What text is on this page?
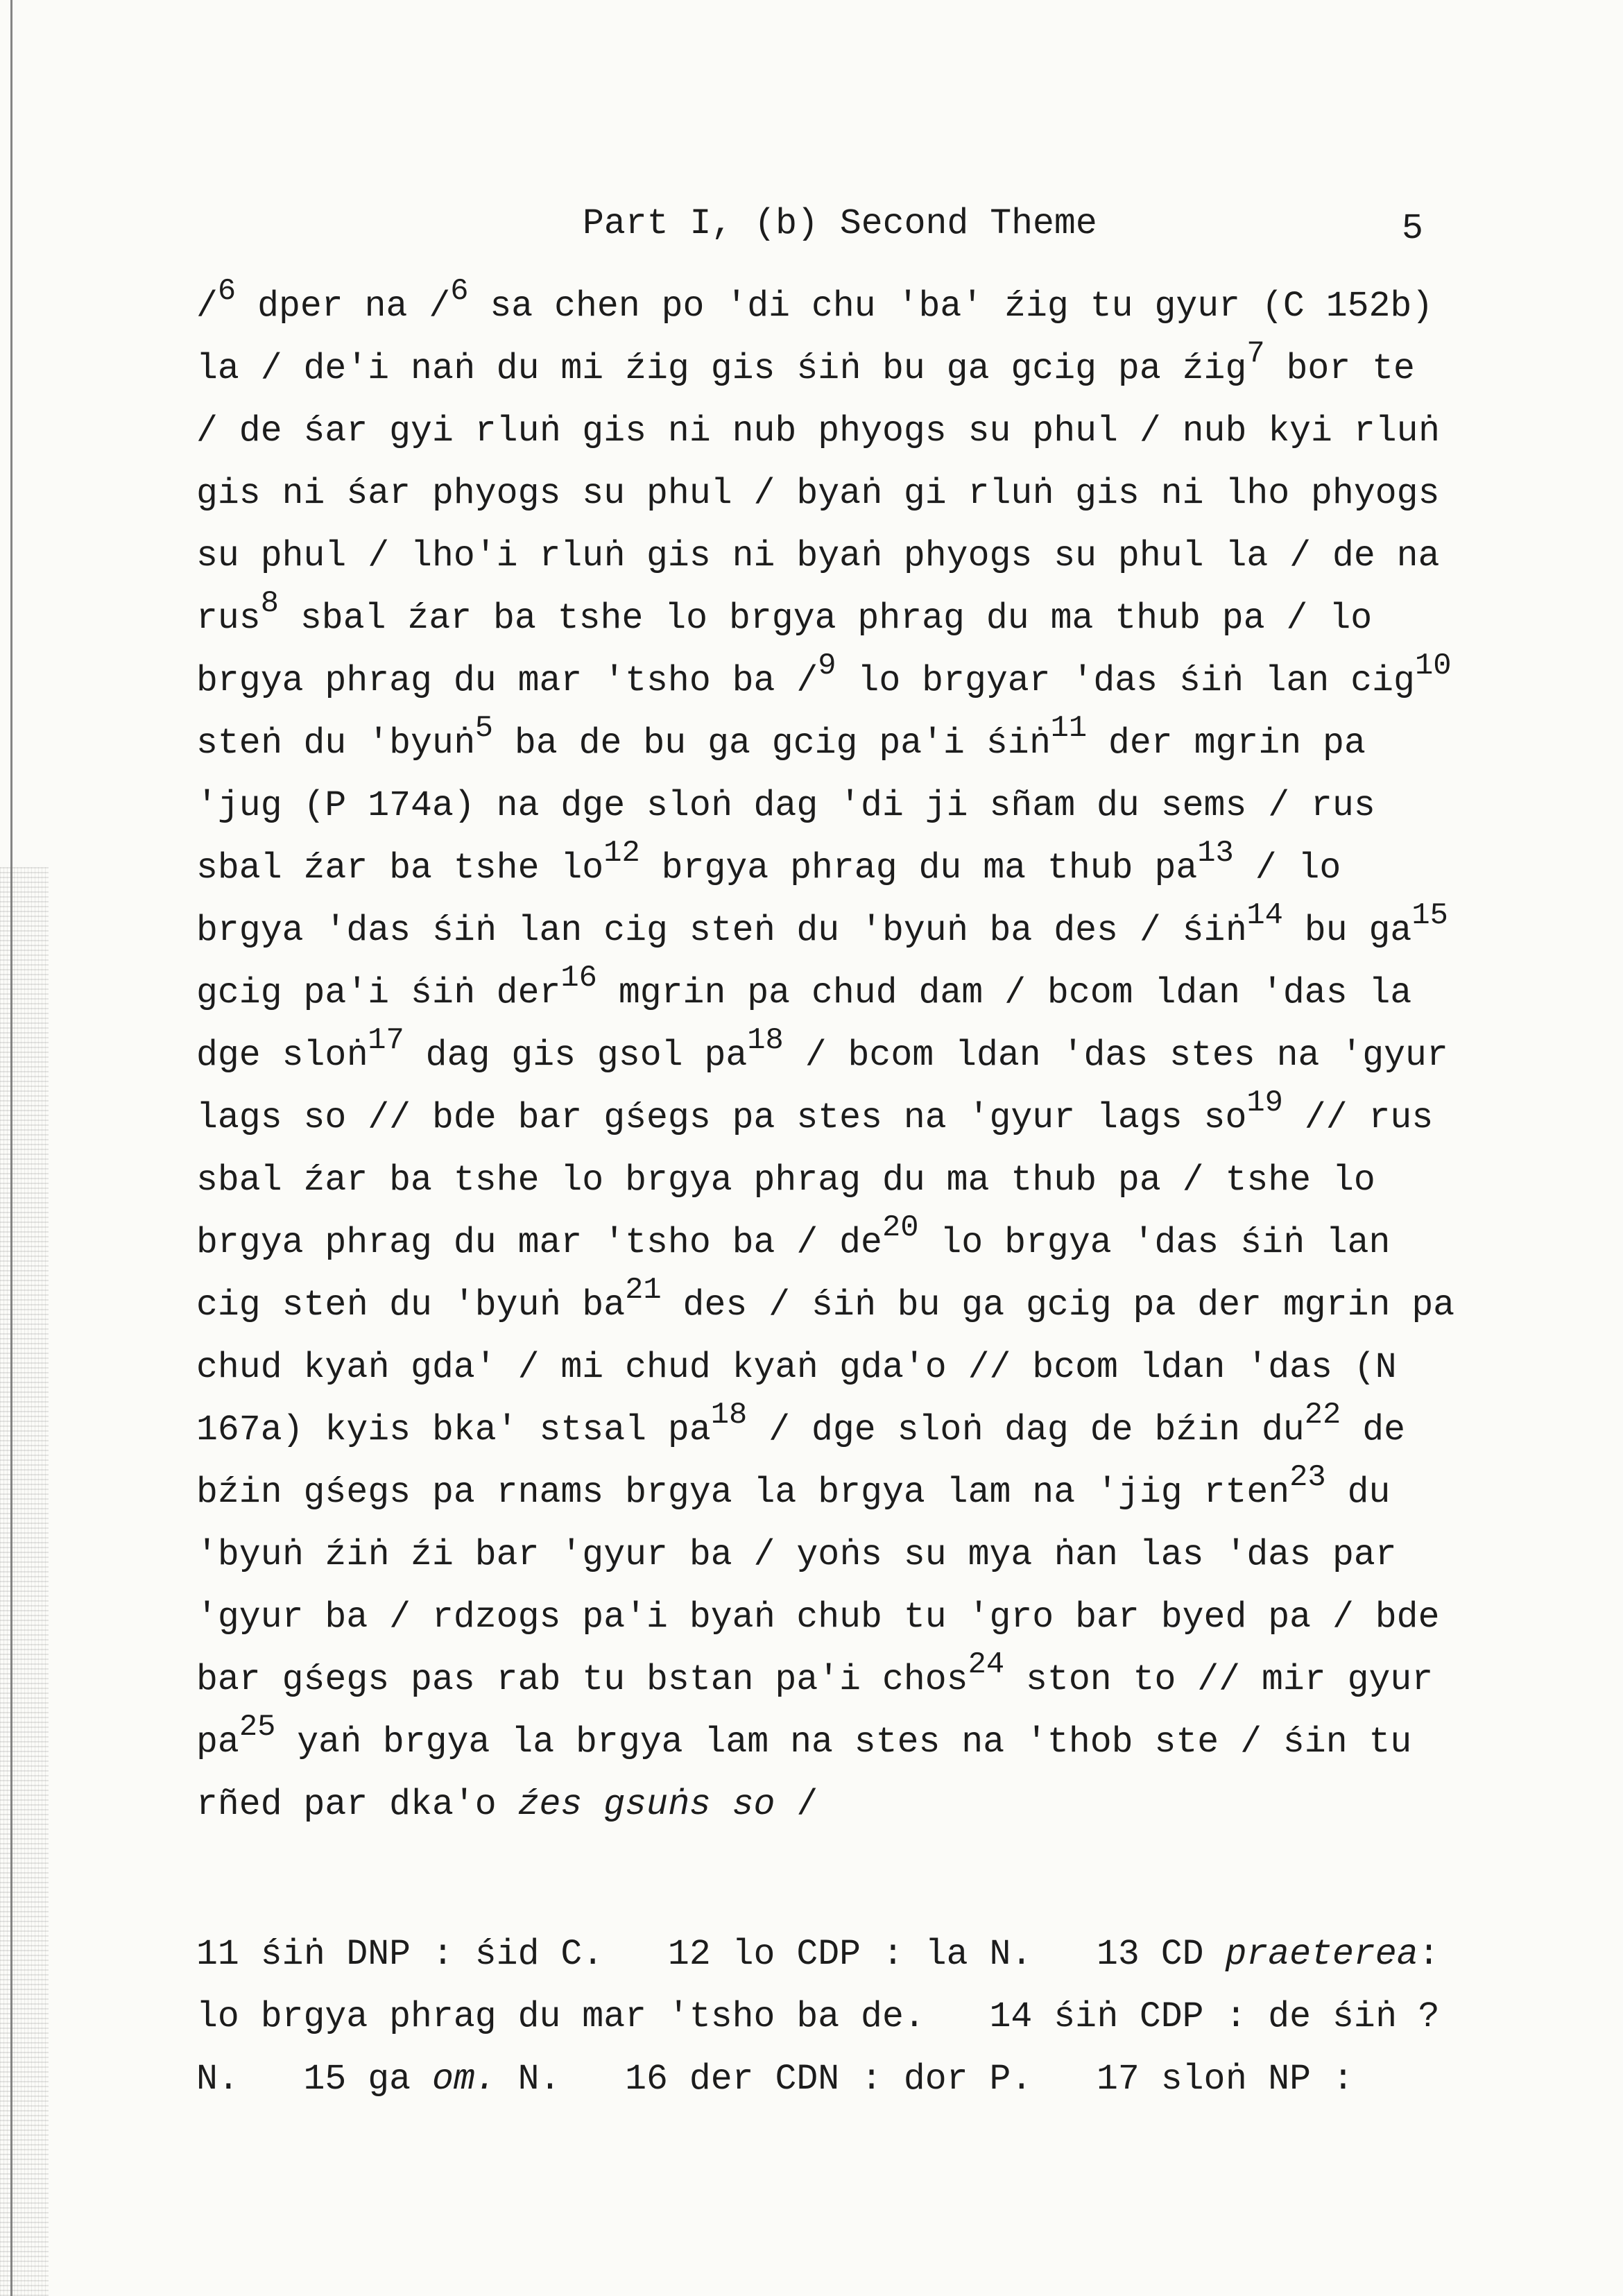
Part I, (b) Second Theme	5
/$^6$ dper na /$^6$ sa chen po 'di chu 'ba' źig tu gyur (C 152b)
la / de'i naṅ du mi źig gis śiṅ bu ga gcig pa źig$^7$ bor te
/ de śar gyi rluṅ gis ni nub phyogs su phul / nub kyi rluṅ
gis ni śar phyogs su phul / byaṅ gi rluṅ gis ni lho phyogs
su phul / lho'i rluṅ gis ni byaṅ phyogs su phul la / de na
rus$^8$ sbal źar ba tshe lo brgya phrag du ma thub pa / lo
brgya phrag du mar 'tsho ba /$^9$ lo brgyar 'das śiṅ lan cig$^{10}$
steṅ du 'byuṅ$^5$ ba de bu ga gcig pa'i śiṅ$^{11}$ der mgrin pa
'jug (P 174a) na dge sloṅ dag 'di ji sñam du sems / rus
sbal źar ba tshe $lo^{12}$ brgya phrag du ma thub $pa^{13}$ / lo
brgya 'das śiṅ lan cig steṅ du 'byuṅ ba des / śiṅ$^{14}$ bu $ga^{15}$
gcig pa'i śiṅ der$^{16}$ mgrin pa chud dam / bcom ldan 'das la
dge sloṅ$^{17}$ dag gis gsol $pa^{18}$ / bcom ldan 'das stes na 'gyur
lags so // bde bar gśegs pa stes na 'gyur lags $so^{19}$ // rus
sbal źar ba tshe lo brgya phrag du ma thub pa / tshe lo
brgya phrag du mar 'tsho ba / $de^{20}$ lo brgya 'das śiṅ lan
cig steṅ du 'byuṅ $ba^{21}$ des / śiṅ bu ga gcig pa der mgrin pa
chud kyaṅ gda' / mi chud kyaṅ gda'o // bcom ldan 'das (N
167a) kyis bka' stsal $pa^{18}$ / dge sloṅ dag de bźin $du^{22}$ de
bźin gśegs pa rnams brgya la brgya lam na 'jig rten$^{23}$ du
'byuṅ źiṅ źi bar 'gyur ba / yoṅs su mya ṅan las 'das par
'gyur ba / rdzogs pa'i byaṅ chub tu 'gro bar byed pa / bde
bar gśegs pas rab tu bstan pa'i chos$^{24}$ ston to // mir gyur
$pa^{25}$ yaṅ brgya la brgya lam na stes na 'thob ste / śin tu
rñed par dka'o źes gsuṅs so /
11 śiṅ DNP : śid C.   12 lo CDP : la N.   13 CD praeterea:
lo brgya phrag du mar 'tsho ba de.   14 śiṅ CDP : de śiṅ ?
N.   15 ga om. N.   16 der CDN : dor P.   17 sloṅ NP :
